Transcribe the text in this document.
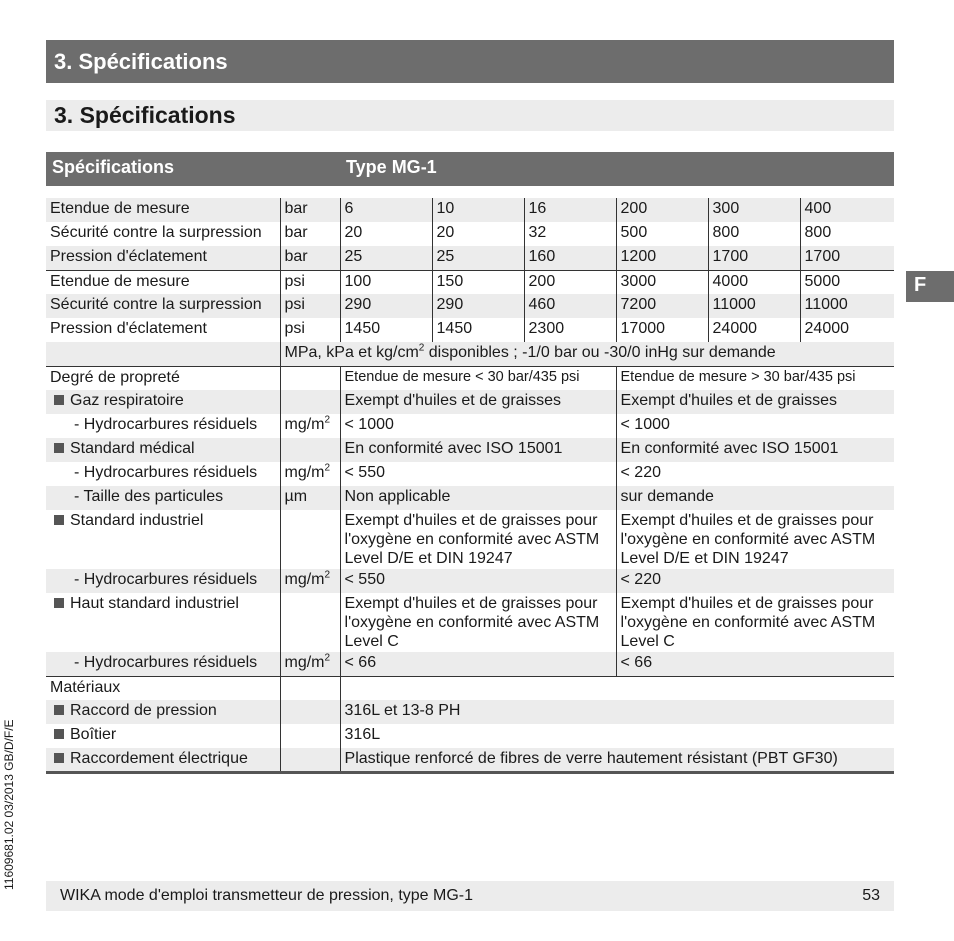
3. Spécifications
3. Spécifications
F
11609681.02 03/2013 GB/D/F/E
Spécifications		Type MG-1					

Etendue de mesure	bar	6	10	16	200	300	400
Sécurité contre la surpression	bar	20	20	32	500	800	800
Pression d'éclatement	bar	25	25	160	1200	1700	1700
Etendue de mesure	psi	100	150	200	3000	4000	5000
Sécurité contre la surpression	psi	290	290	460	7200	11000	11000
Pression d'éclatement	psi	1450	1450	2300	17000	24000	24000
	MPa, kPa et $kg/cm^2$ disponibles ; -1/0 bar ou -30/0 inHg sur demande						
Degré de propreté		Etendue de mesure < 30 bar/435 psi			Etendue de mesure > 30 bar/435 psi		
Gaz respiratoire		Exempt d'huiles et de graisses			Exempt d'huiles et de graisses		
- Hydrocarbures résiduels	$mg/m^2$	< 1000			< 1000		
Standard médical		En conformité avec ISO 15001			En conformité avec ISO 15001		
- Hydrocarbures résiduels	$mg/m^2$	< 550			< 220		
- Taille des particules	µm	Non applicable			sur demande		
Standard industriel		Exempt d'huiles et de graisses pour l'oxygène en conformité avec ASTM Level D/E et DIN 19247			Exempt d'huiles et de graisses pour l'oxygène en conformité avec ASTM Level D/E et DIN 19247		
- Hydrocarbures résiduels	$mg/m^2$	< 550			< 220		
Haut standard industriel		Exempt d'huiles et de graisses pour l'oxygène en conformité avec ASTM Level C			Exempt d'huiles et de graisses pour l'oxygène en conformité avec ASTM Level C		
- Hydrocarbures résiduels	$mg/m^2$	< 66			< 66		
Matériaux							
Raccord de pression		316L et 13-8 PH					
Boîtier		316L					
Raccordement électrique		Plastique renforcé de fibres de verre hautement résistant (PBT GF30)					
WIKA mode d'emploi transmetteur de pression, type MG-1	53
